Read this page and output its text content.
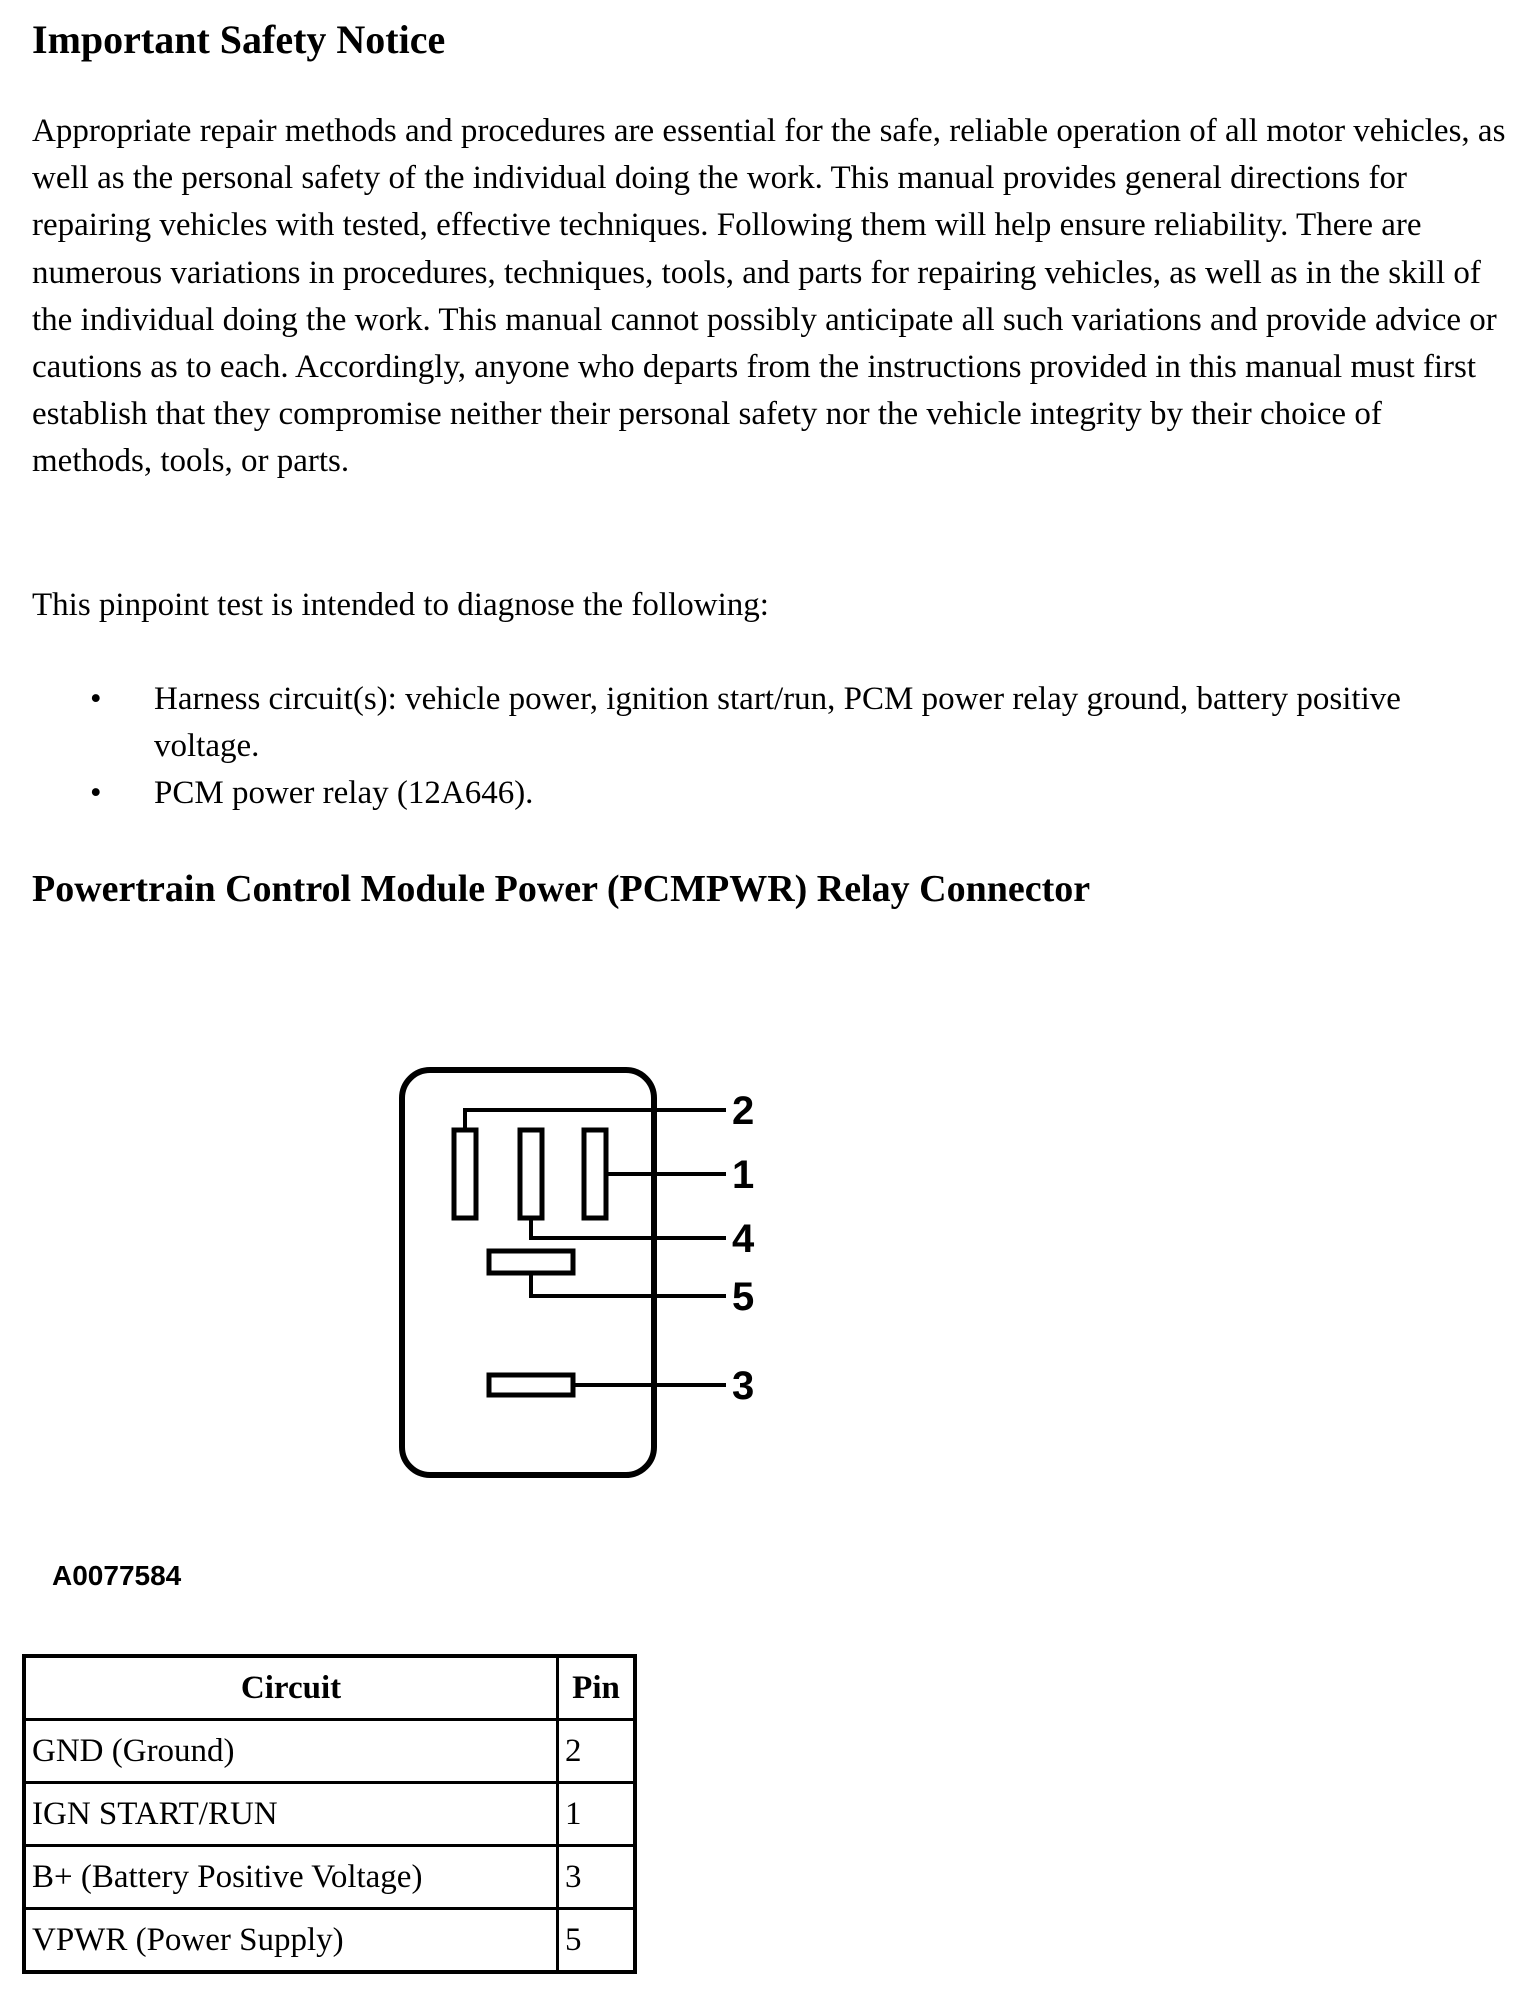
Important Safety Notice

Appropriate repair methods and procedures are essential for the safe, reliable operation of all motor vehicles, as well as the personal safety of the individual doing the work. This manual provides general directions for repairing vehicles with tested, effective techniques. Following them will help ensure reliability. There are numerous variations in procedures, techniques, tools, and parts for repairing vehicles, as well as in the skill of the individual doing the work. This manual cannot possibly anticipate all such variations and provide advice or cautions as to each. Accordingly, anyone who departs from the instructions provided in this manual must first establish that they compromise neither their personal safety nor the vehicle integrity by their choice of methods, tools, or parts.

This pinpoint test is intended to diagnose the following:

• Harness circuit(s): vehicle power, ignition start/run, PCM power relay ground, battery positive voltage.
• PCM power relay (12A646).
Powertrain Control Module Power (PCMPWR) Relay Connector

A0077584

Circuit	Pin
GND (Ground)	2
IGN START/RUN	1
B+ (Battery Positive Voltage)	3
VPWR (Power Supply)	5
2
1
4
5
3
